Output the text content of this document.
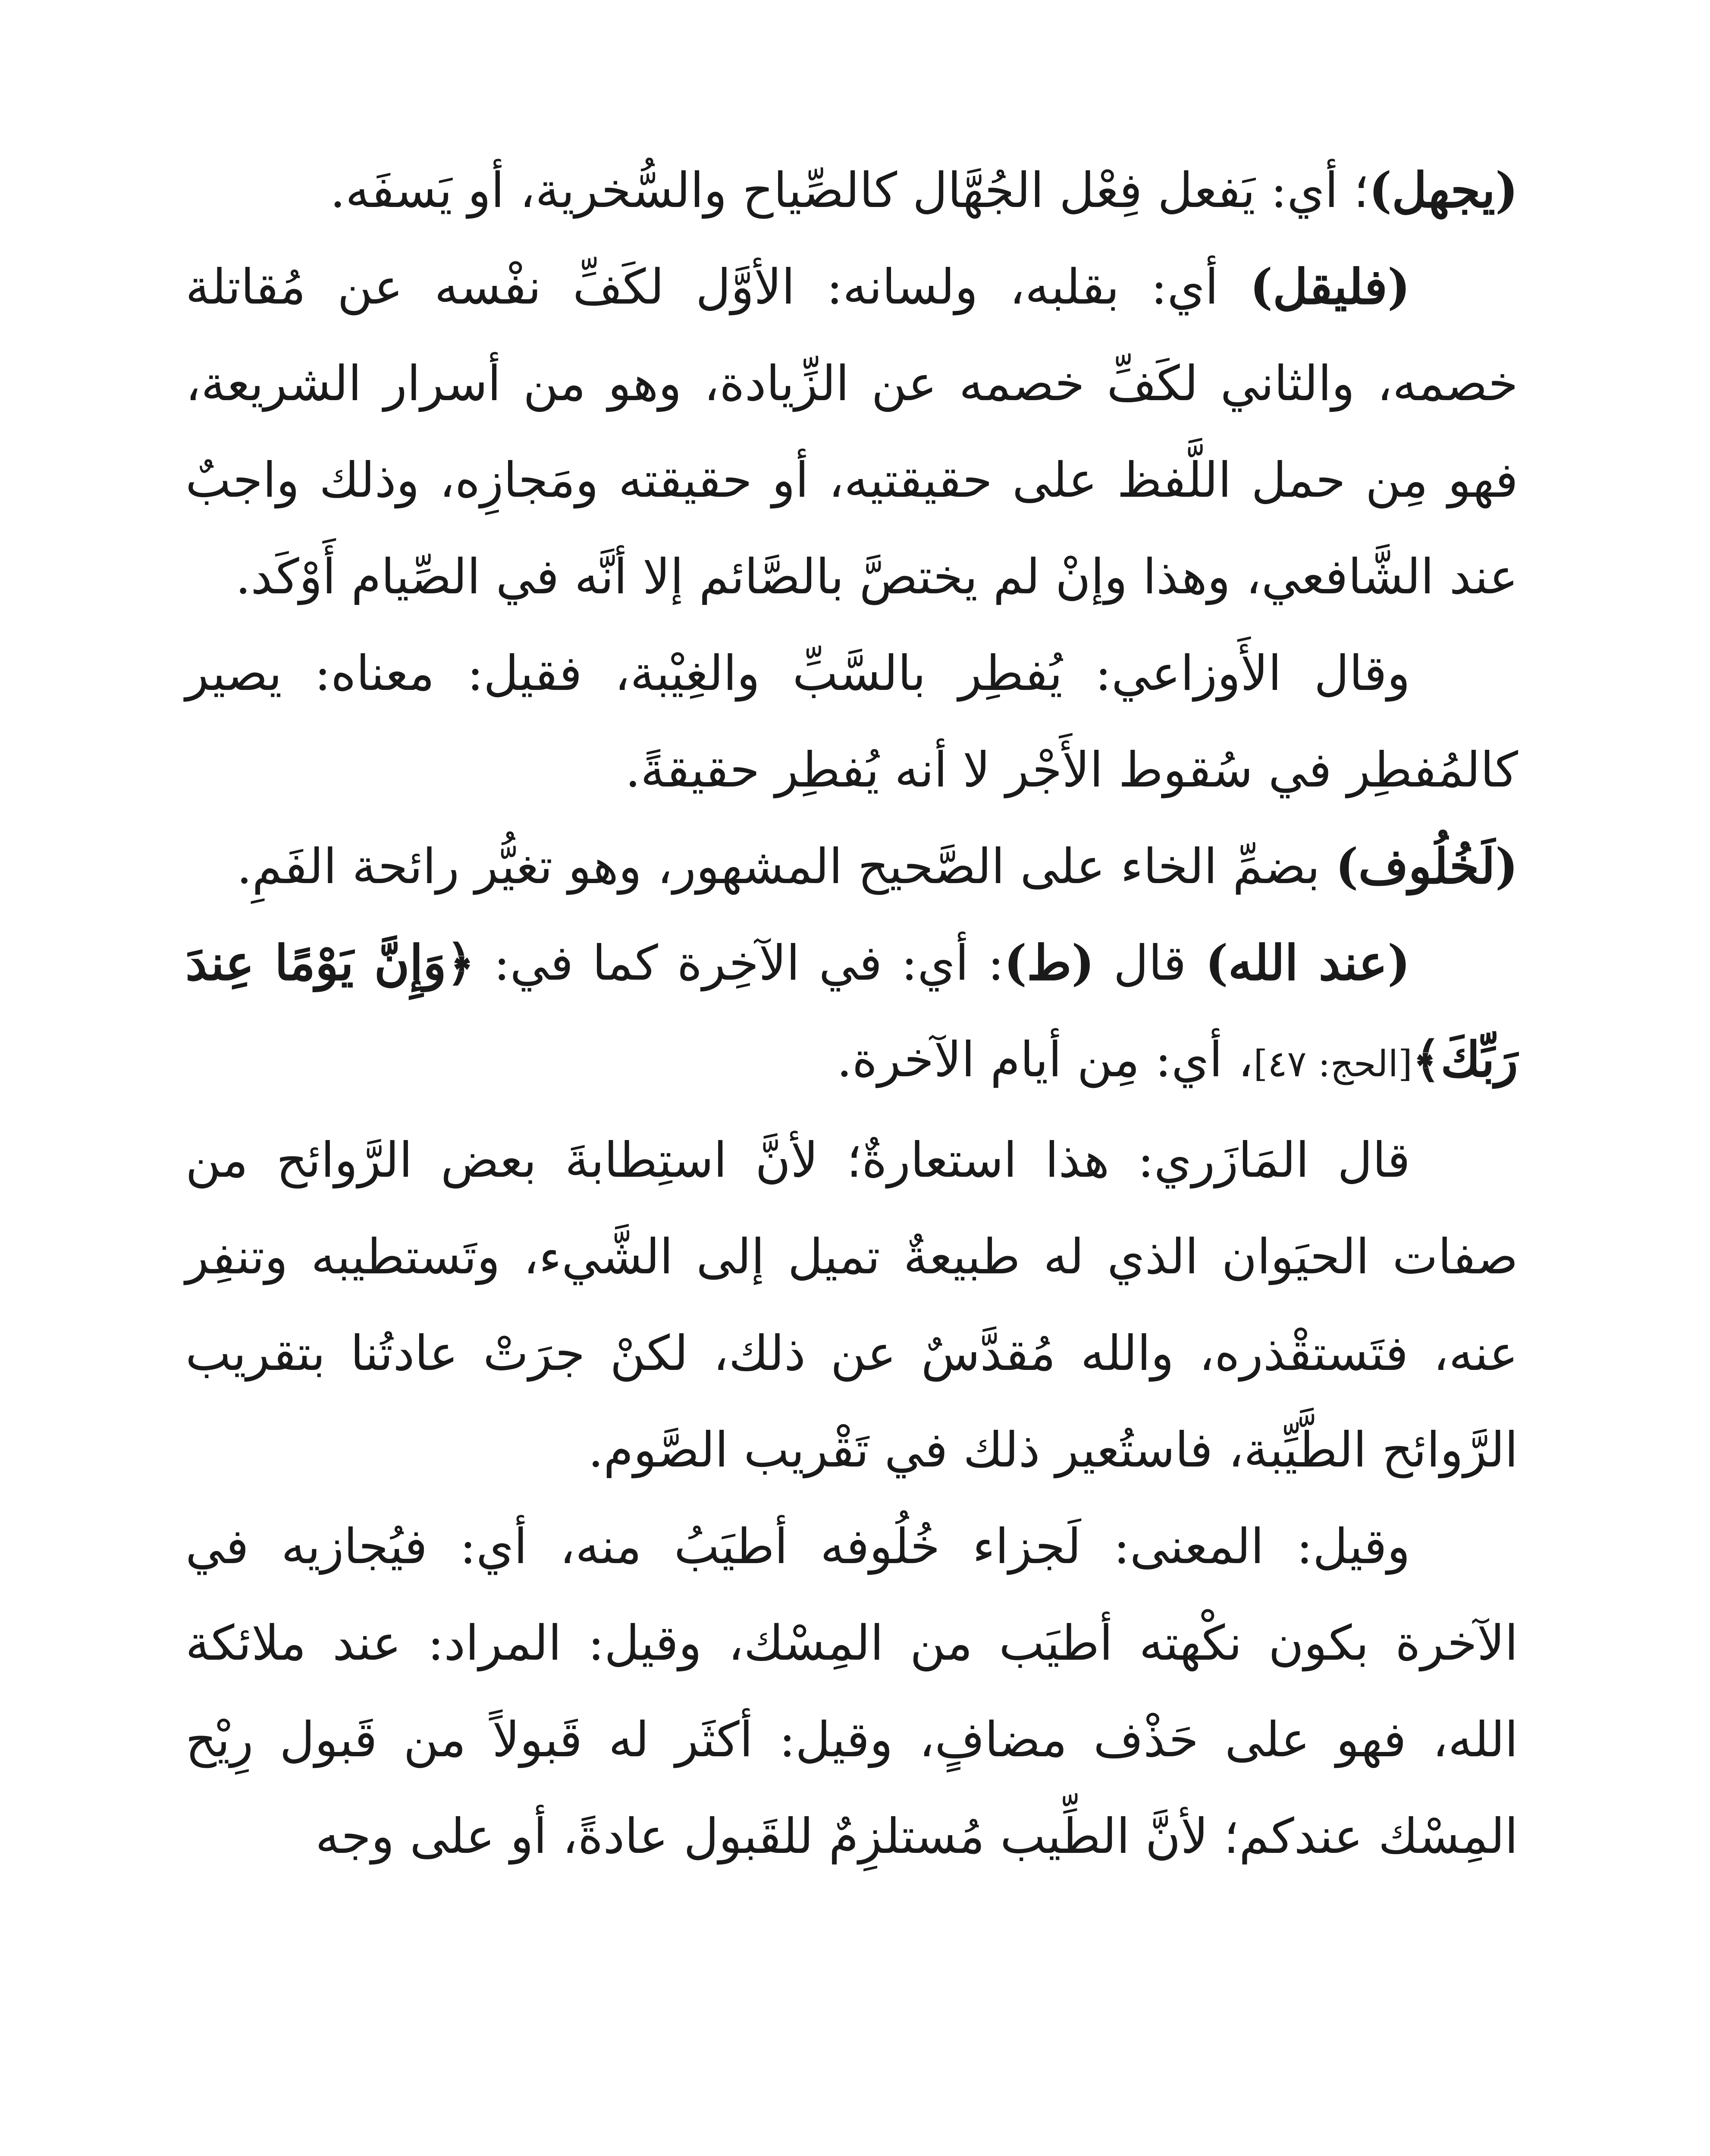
(يجهل)؛ أي: يَفعل فِعْل الجُهَّال كالصِّياح والسُّخرية، أو يَسفَه.

(فليقل) أي: بقلبه، ولسانه: الأوَّل لكَفِّ نفْسه عن مُقاتلة خصمه، والثاني لكَفِّ خصمه عن الزِّيادة، وهو من أسرار الشريعة، فهو مِن حمل اللَّفظ على حقيقتيه، أو حقيقته ومَجازِه، وذلك واجبٌ عند الشَّافعي، وهذا وإنْ لم يختصَّ بالصَّائم إلا أنَّه في الصِّيام أَوْكَد.

وقال الأَوزاعي: يُفطِر بالسَّبِّ والغِيْبة، فقيل: معناه: يصير كالمُفطِر في سُقوط الأَجْر لا أنه يُفطِر حقيقةً.

(لَخُلُوف) بضمِّ الخاء على الصَّحيح المشهور، وهو تغيُّر رائحة الفَمِ.

(عند الله) قال (ط): أي: في الآخِرة كما في: ﴿وَإِنَّ يَوْمًا عِندَ رَبِّكَ﴾[الحج: ٤٧]، أي: مِن أيام الآخرة.

قال المَازَري: هذا استعارةٌ؛ لأنَّ استِطابةَ بعض الرَّوائح من صفات الحيَوان الذي له طبيعةٌ تميل إلى الشَّيء، وتَستطيبه وتنفِر عنه، فتَستقْذره، والله مُقدَّسٌ عن ذلك، لكنْ جرَتْ عادتُنا بتقريب الرَّوائح الطَّيِّبة، فاستُعير ذلك في تَقْريب الصَّوم.

وقيل: المعنى: لَجزاء خُلُوفه أطيَبُ منه، أي: فيُجازيه في الآخرة بكون نكْهته أطيَب من المِسْك، وقيل: المراد: عند ملائكة الله، فهو على حَذْف مضافٍ، وقيل: أكثَر له قَبولاً من قَبول رِيْح المِسْك عندكم؛ لأنَّ الطِّيب مُستلزِمٌ للقَبول عادةً، أو على وجه
